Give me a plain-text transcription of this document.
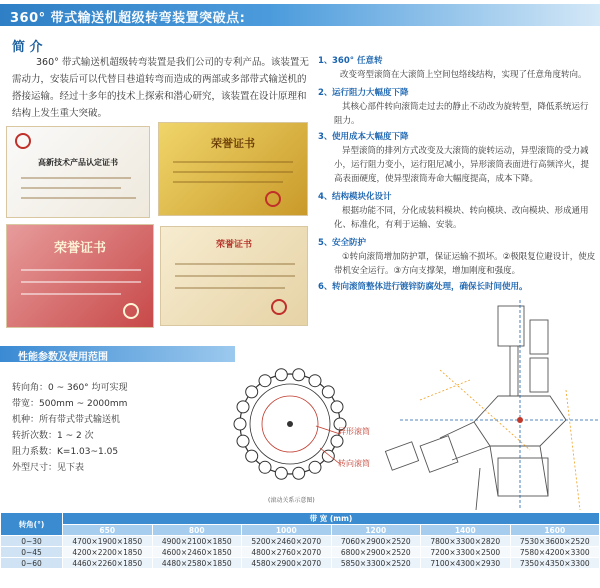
360° 带式输送机超级转弯装置突破点:
简 介
360° 带式输送机超级转弯装置是我们公司的专利产品。该装置无需动力，安装后可以代替目巷道转弯而造成的两部或多部带式输送机的搭接运输。经过十多年的技术上探索和潜心研究，该装置在设计原理和结构上发生重大突破。
高新技术产品认定证书
荣誉证书
荣誉证书	荣誉证书
1、360° 任意转
改变弯型滚筒在大滚筒上空间包络线结构，实现了任意角度转向。
2、运行阻力大幅度下降
其核心部件转向滚筒走过去的静止不动改为旋转型，降低系统运行阻力。
3、使用成本大幅度下降
异型滚筒的排列方式改变及大滚筒的旋转运动，异型滚筒的受力减小，运行阻力变小，运行阻尼减小，异形滚筒表面进行高频淬火，提高表面硬度，使异型滚筒寿命大幅度提高，成本下降。
4、结构模块化设计
根据功能不同，分化成装料模块、转向模块、改向模块、形成通用化、标准化，有利于运输、安装。
5、安全防护
①转向滚筒增加防护罩，保证运输不损坏。②极限复位避设计，使皮带机安全运行。③方向支撑架，增加刚度和强度。
6、转向滚筒整体进行镀锌防腐处理，确保长时间使用。
性能参数及使用范围
转向角：0 ~ 360° 均可实现
带宽：500mm ~ 2000mm
机种：所有带式带式输送机
转折次数：1 ~ 2 次
阻力系数：K=1.03~1.05
外型尺寸：见下表
异形滚筒
转向滚筒
(滚动关系示意图)
转角(°)	带 宽 (mm)					
	650	800	1000	1200	1400	1600
0~30	4700×1900×1850	4900×2100×1850	5200×2460×2070	7060×2900×2520	7800×3300×2820	7530×3600×2520
0~45	4200×2200×1850	4600×2460×1850	4800×2760×2070	6800×2900×2520	7200×3300×2500	7580×4200×3300
0~60	4460×2260×1850	4480×2580×1850	4580×2900×2070	5850×3300×2520	7100×4300×2930	7350×4350×3300
